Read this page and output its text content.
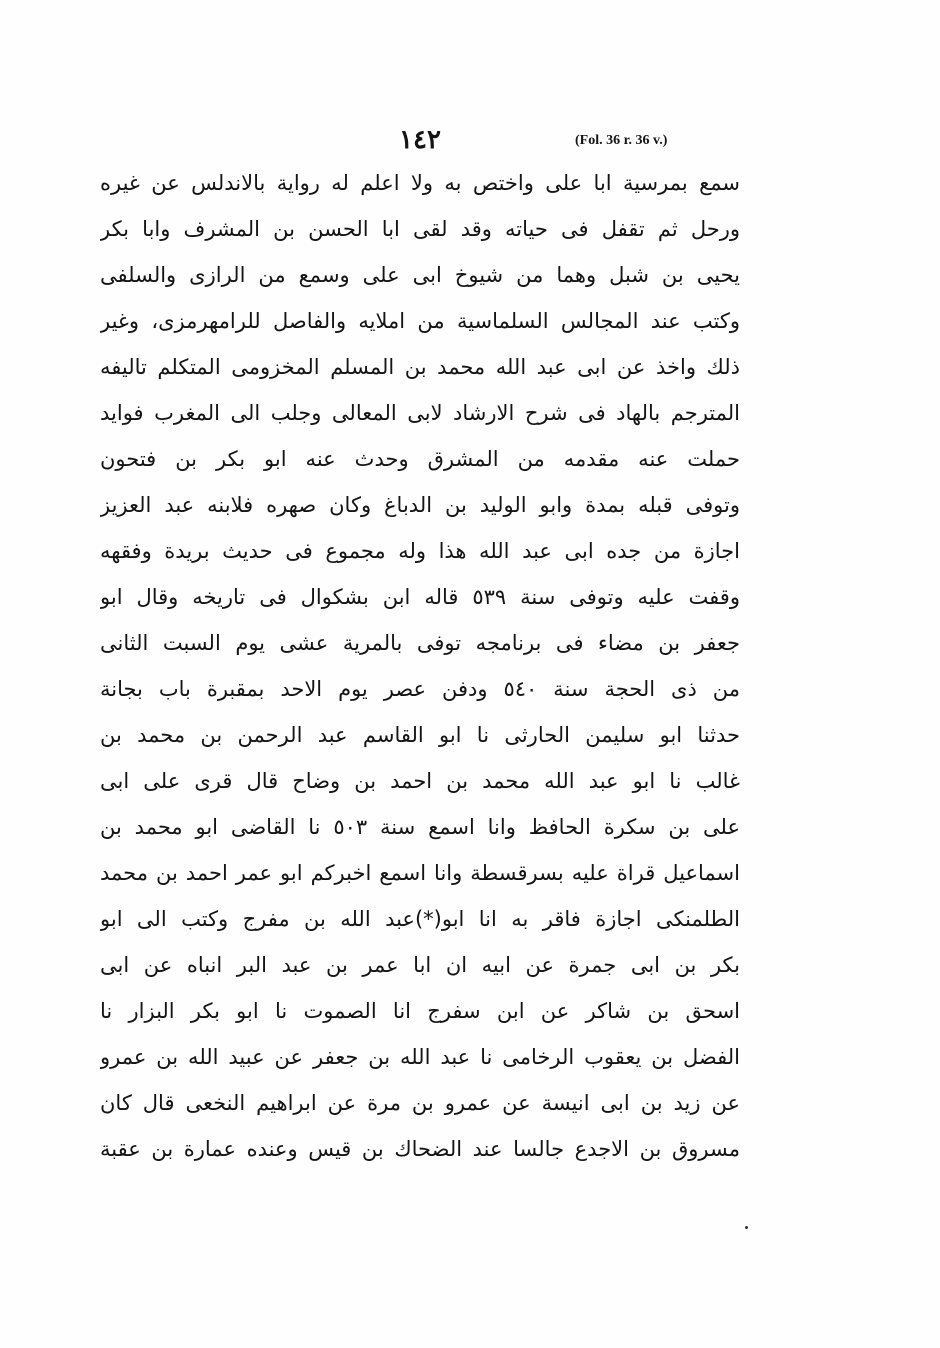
١٤٢	(Fol. 36 r. 36 v.)
سمع بمرسية ابا على واختص به ولا اعلم له رواية بالاندلس عن غيره
ورحل ثم تقفل فى حياته وقد لقى ابا الحسن بن المشرف وابا بكر
يحيى بن شبل وهما من شيوخ ابى على وسمع من الرازى والسلفى
وكتب عند المجالس السلماسية من املايه والفاصل للرامهرمزى، وغير
ذلك واخذ عن ابى عبد الله محمد بن المسلم المخزومى المتكلم تاليفه
المترجم بالهاد فى شرح الارشاد لابى المعالى وجلب الى المغرب فوايد
حملت عنه مقدمه من المشرق وحدث عنه ابو بكر بن فتحون
وتوفى قبله بمدة وابو الوليد بن الدباغ وكان صهره فلابنه عبد العزيز
اجازة من جده ابى عبد الله هذا وله مجموع فى حديث بريدة وفقهه
وقفت عليه وتوفى سنة ٥٣٩ قاله ابن بشكوال فى تاريخه وقال ابو
جعفر بن مضاء فى برنامجه توفى بالمرية عشى يوم السبت الثانى
من ذى الحجة سنة ٥٤٠ ودفن عصر يوم الاحد بمقبرة باب بجانة
حدثنا ابو سليمن الحارثى نا ابو القاسم عبد الرحمن بن محمد بن
غالب نا ابو عبد الله محمد بن احمد بن وضاح قال قرى على ابى
على بن سكرة الحافظ وانا اسمع سنة ٥٠٣ نا القاضى ابو محمد بن
اسماعيل قراة عليه بسرقسطة وانا اسمع اخبركم ابو عمر احمد بن محمد
الطلمنكى اجازة فاقر به انا ابو(*)عبد الله بن مفرج وكتب الى ابو
بكر بن ابى جمرة عن ابيه ان ابا عمر بن عبد البر انباه عن ابى
اسحق بن شاكر عن ابن سفرج انا الصموت نا ابو بكر البزار نا
الفضل بن يعقوب الرخامى نا عبد الله بن جعفر عن عبيد الله بن عمرو
عن زيد بن ابى انيسة عن عمرو بن مرة عن ابراهيم النخعى قال كان
مسروق بن الاجدع جالسا عند الضحاك بن قيس وعنده عمارة بن عقبة
